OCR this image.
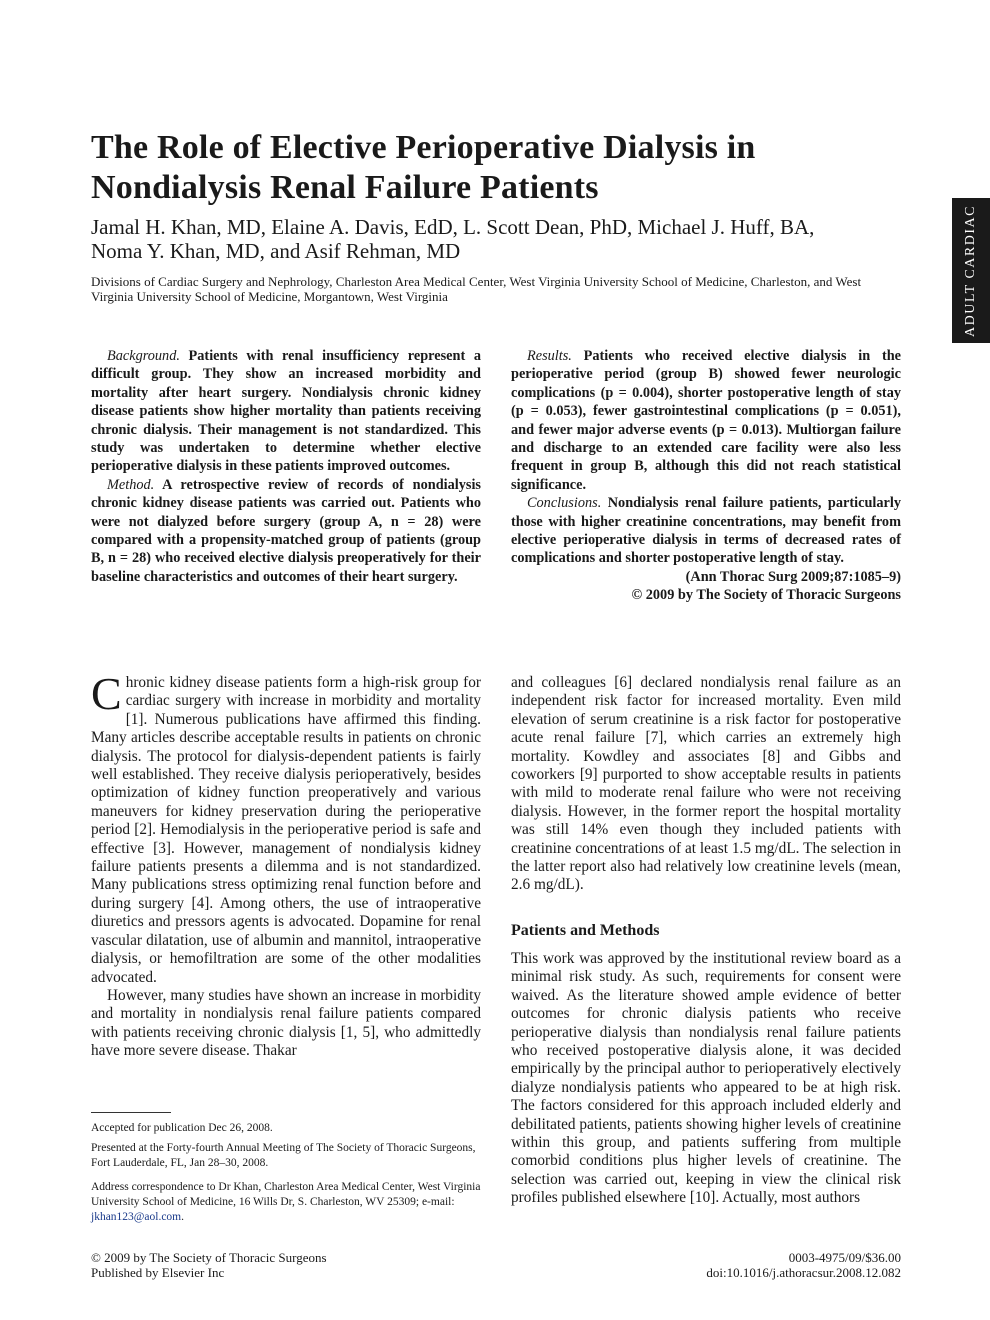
The Role of Elective Perioperative Dialysis in Nondialysis Renal Failure Patients
Jamal H. Khan, MD, Elaine A. Davis, EdD, L. Scott Dean, PhD, Michael J. Huff, BA,
Noma Y. Khan, MD, and Asif Rehman, MD
Divisions of Cardiac Surgery and Nephrology, Charleston Area Medical Center, West Virginia University School of Medicine, Charleston, and West Virginia University School of Medicine, Morgantown, West Virginia	ADULT CARDIAC

Background. Patients with renal insufficiency represent a difficult group. They show an increased morbidity and mortality after heart surgery. Nondialysis chronic kidney disease patients show higher mortality than patients receiving chronic dialysis. Their management is not standardized. This study was undertaken to determine whether elective perioperative dialysis in these patients improved outcomes.

Method. A retrospective review of records of nondialysis chronic kidney disease patients was carried out. Patients who were not dialyzed before surgery (group A, n = 28) were compared with a propensity-matched group of patients (group B, n = 28) who received elective dialysis preoperatively for their baseline characteristics and outcomes of their heart surgery.

Results. Patients who received elective dialysis in the perioperative period (group B) showed fewer neurologic complications (p = 0.004), shorter postoperative length of stay (p = 0.053), fewer gastrointestinal complications (p = 0.051), and fewer major adverse events (p = 0.013). Multiorgan failure and discharge to an extended care facility were also less frequent in group B, although this did not reach statistical significance.

Conclusions. Nondialysis renal failure patients, particularly those with higher creatinine concentrations, may benefit from elective perioperative dialysis in terms of decreased rates of complications and shorter postoperative length of stay.

(Ann Thorac Surg 2009;87:1085–9)

© 2009 by The Society of Thoracic Surgeons

Chronic kidney disease patients form a high-risk group for cardiac surgery with increase in morbidity and mortality [1]. Numerous publications have affirmed this finding. Many articles describe acceptable results in patients on chronic dialysis. The protocol for dialysis-dependent patients is fairly well established. They receive dialysis perioperatively, besides optimization of kidney function preoperatively and various maneuvers for kidney preservation during the perioperative period [2]. Hemodialysis in the perioperative period is safe and effective [3]. However, management of nondialysis kidney failure patients presents a dilemma and is not standardized. Many publications stress optimizing renal function before and during surgery [4]. Among others, the use of intraoperative diuretics and pressors agents is advocated. Dopamine for renal vascular dilatation, use of albumin and mannitol, intraoperative dialysis, or hemofiltration are some of the other modalities advocated.

However, many studies have shown an increase in morbidity and mortality in nondialysis renal failure patients compared with patients receiving chronic dialysis [1, 5], who admittedly have more severe disease. Thakar

and colleagues [6] declared nondialysis renal failure as an independent risk factor for increased mortality. Even mild elevation of serum creatinine is a risk factor for postoperative acute renal failure [7], which carries an extremely high mortality. Kowdley and associates [8] and Gibbs and coworkers [9] purported to show acceptable results in patients with mild to moderate renal failure who were not receiving dialysis. However, in the former report the hospital mortality was still 14% even though they included patients with creatinine concentrations of at least 1.5 mg/dL. The selection in the latter report also had relatively low creatinine levels (mean, 2.6 mg/dL).

Patients and Methods

This work was approved by the institutional review board as a minimal risk study. As such, requirements for consent were waived. As the literature showed ample evidence of better outcomes for chronic dialysis patients who receive perioperative dialysis than nondialysis renal failure patients who received postoperative dialysis alone, it was decided empirically by the principal author to perioperatively electively dialyze nondialysis patients who appeared to be at high risk. The factors considered for this approach included elderly and debilitated patients, patients showing higher levels of creatinine within this group, and patients suffering from multiple comorbid conditions plus higher levels of creatinine. The selection was carried out, keeping in view the clinical risk profiles published elsewhere [10]. Actually, most authors

Accepted for publication Dec 26, 2008.

Presented at the Forty-fourth Annual Meeting of The Society of Thoracic Surgeons, Fort Lauderdale, FL, Jan 28–30, 2008.

Address correspondence to Dr Khan, Charleston Area Medical Center, West Virginia University School of Medicine, 16 Wills Dr, S. Charleston, WV 25309; e-mail: jkhan123@aol.com.

© 2009 by The Society of Thoracic Surgeons
Published by Elsevier Inc
0003-4975/09/$36.00
doi:10.1016/j.athoracsur.2008.12.082
